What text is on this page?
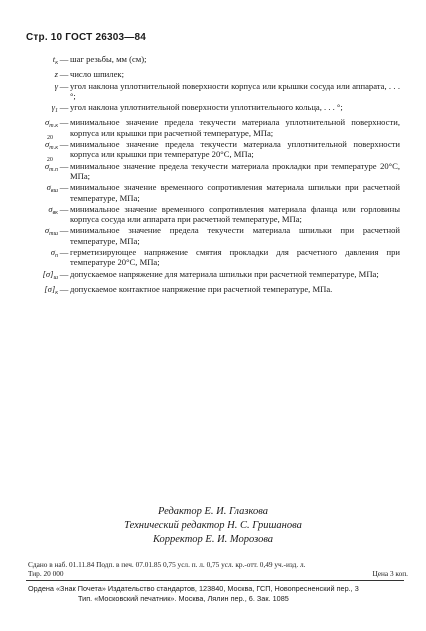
Стр. 10 ГОСТ 26303—84
$t_к$ — шаг резьбы, мм (см);
z — число шпилек;
γ — угол наклона уплотнительной поверхности корпуса или крышки сосуда или аппарата, . . . °;
$\gamma_1$ — угол наклона уплотнительной поверхности уплотнительного кольца, . . . °;
$\sigma_{т.к}$ — минимальное значение предела текучести материала уплотнительной поверхности, корпуса или крышки при расчетной температуре, МПа;
20
$\sigma_{т.к}$ — минимальное значение предела текучести материала уплотнительной поверхности корпуса или крышки при температуре 20°С, МПа;
20
$\sigma_{т.п}$ — минимальное значение предела текучести материала прокладки при температуре 20°С, МПа;
$\sigma_{вш}$ — минимальное значение временного сопротивления материала шпильки при расчетной температуре, МПа;
$\sigma_{вк}$ — минимальное значение временного сопротивления материала фланца или горловины корпуса сосуда или аппарата при расчетной температуре, МПа;
$\sigma_{тш}$ — минимальное значение предела текучести материала шпильки при расчетной температуре, МПа;
$\sigma_п$ — герметизирующее напряжение смятия прокладки для расчетного давления при температуре 20°С, МПа;
$[\sigma]_ш$ — допускаемое напряжение для материала шпильки при расчетной температуре, МПа;
$[\sigma]_к$ — допускаемое контактное напряжение при расчетной температуре, МПа.
Редактор Е. И. Глазкова
Технический редактор Н. С. Гришанова
Корректор Е. И. Морозова
Сдано в наб. 01.11.84 Подп. в печ. 07.01.85 0,75 усл. п. л. 0,75 усл. кр.-отт. 0,49 уч.-изд. л.
Тир. 20 000	Цена 3 коп.
Ордена «Знак Почета» Издательство стандартов, 123840, Москва, ГСП, Новопресненский пер., 3
Тип. «Московский печатник». Москва, Лялин пер., 6. Зак. 1085
